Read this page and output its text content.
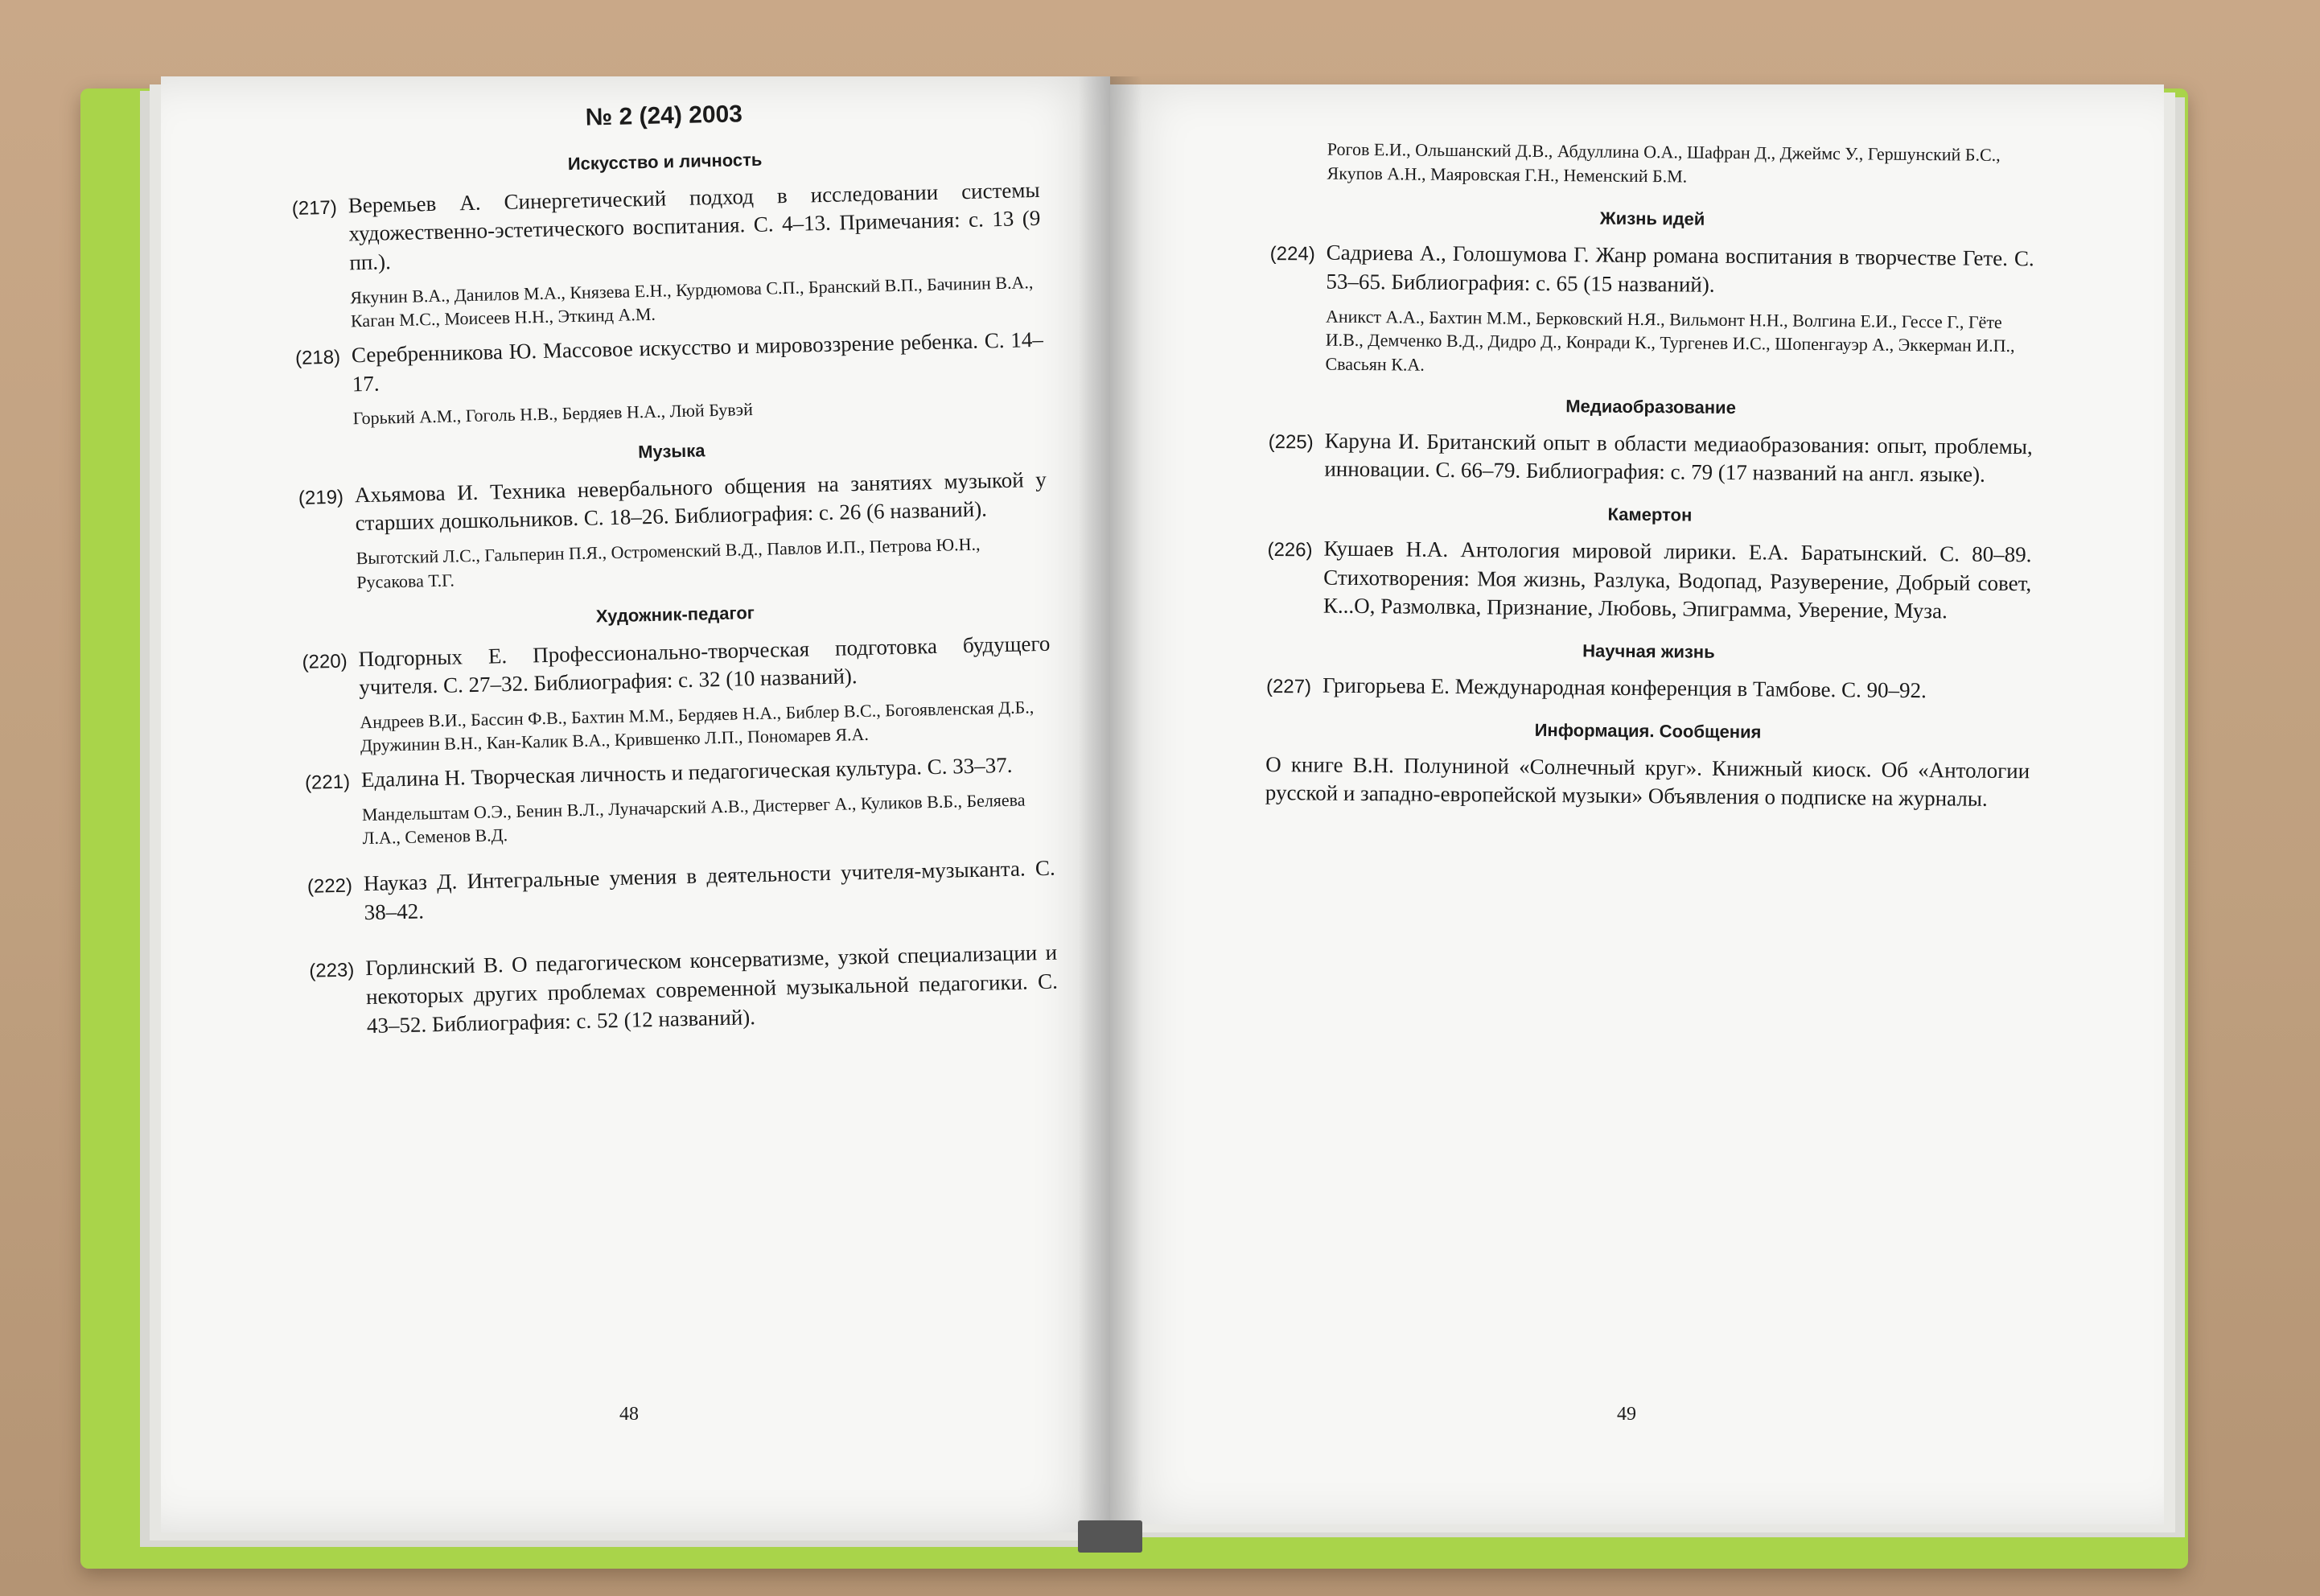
№ 2 (24) 2003
Искусство и личность
(217) Веремьев А. Синергетический подход в исследовании системы художественно-эстетического воспитания. С. 4–13. Примечания: с. 13 (9 пп.).
Якунин В.А., Данилов М.А., Князева Е.Н., Курдюмова С.П., Бранский В.П., Бачинин В.А., Каган М.С., Моисеев Н.Н., Эткинд А.М.
(218) Серебренникова Ю. Массовое искусство и мировоззрение ребенка. С. 14–17.
Горький А.М., Гоголь Н.В., Бердяев Н.А., Люй Бувэй
Музыка
(219) Ахьямова И. Техника невербального общения на занятиях музыкой у старших дошкольников. С. 18–26. Библиография: с. 26 (6 названий).
Выготский Л.С., Гальперин П.Я., Остроменский В.Д., Павлов И.П., Петрова Ю.Н., Русакова Т.Г.
Художник-педагог
(220) Подгорных Е. Профессионально-творческая подготовка будущего учителя. С. 27–32. Библиография: с. 32 (10 названий).
Андреев В.И., Бассин Ф.В., Бахтин М.М., Бердяев Н.А., Библер В.С., Богоявленская Д.Б., Дружинин В.Н., Кан-Калик В.А., Крившенко Л.П., Пономарев Я.А.
(221) Едалина Н. Творческая личность и педагогическая культура. С. 33–37.
Мандельштам О.Э., Бенин В.Л., Луначарский А.В., Дистервег А., Куликов В.Б., Беляева Л.А., Семенов В.Д.
(222) Науказ Д. Интегральные умения в деятельности учителя-музыканта. С. 38–42.
(223) Горлинский В. О педагогическом консерватизме, узкой специализации и некоторых других проблемах современной музыкальной педагогики. С. 43–52. Библиография: с. 52 (12 названий).
48
Рогов Е.И., Ольшанский Д.В., Абдуллина О.А., Шафран Д., Джеймс У., Гершунский Б.С., Якупов А.Н., Маяровская Г.Н., Неменский Б.М.
Жизнь идей
(224) Садриева А., Голошумова Г. Жанр романа воспитания в творчестве Гете. С. 53–65. Библиография: с. 65 (15 названий).
Аникст А.А., Бахтин М.М., Берковский Н.Я., Вильмонт Н.Н., Волгина Е.И., Гессе Г., Гёте И.В., Демченко В.Д., Дидро Д., Конради К., Тургенев И.С., Шопенгауэр А., Эккерман И.П., Свасьян К.А.
Медиаобразование
(225) Каруна И. Британский опыт в области медиаобразования: опыт, проблемы, инновации. С. 66–79. Библиография: с. 79 (17 названий на англ. языке).
Камертон
(226) Кушаев Н.А. Антология мировой лирики. Е.А. Баратынский. С. 80–89. Стихотворения: Моя жизнь, Разлука, Водопад, Разуверение, Добрый совет, К...О, Размолвка, Признание, Любовь, Эпиграмма, Уверение, Муза.
Научная жизнь
(227) Григорьева Е. Международная конференция в Тамбове. С. 90–92.
Информация. Сообщения
О книге В.Н. Полуниной «Солнечный круг». Книжный киоск. Об «Антологии русской и западно-европейской музыки» Объявления о подписке на журналы.
49
